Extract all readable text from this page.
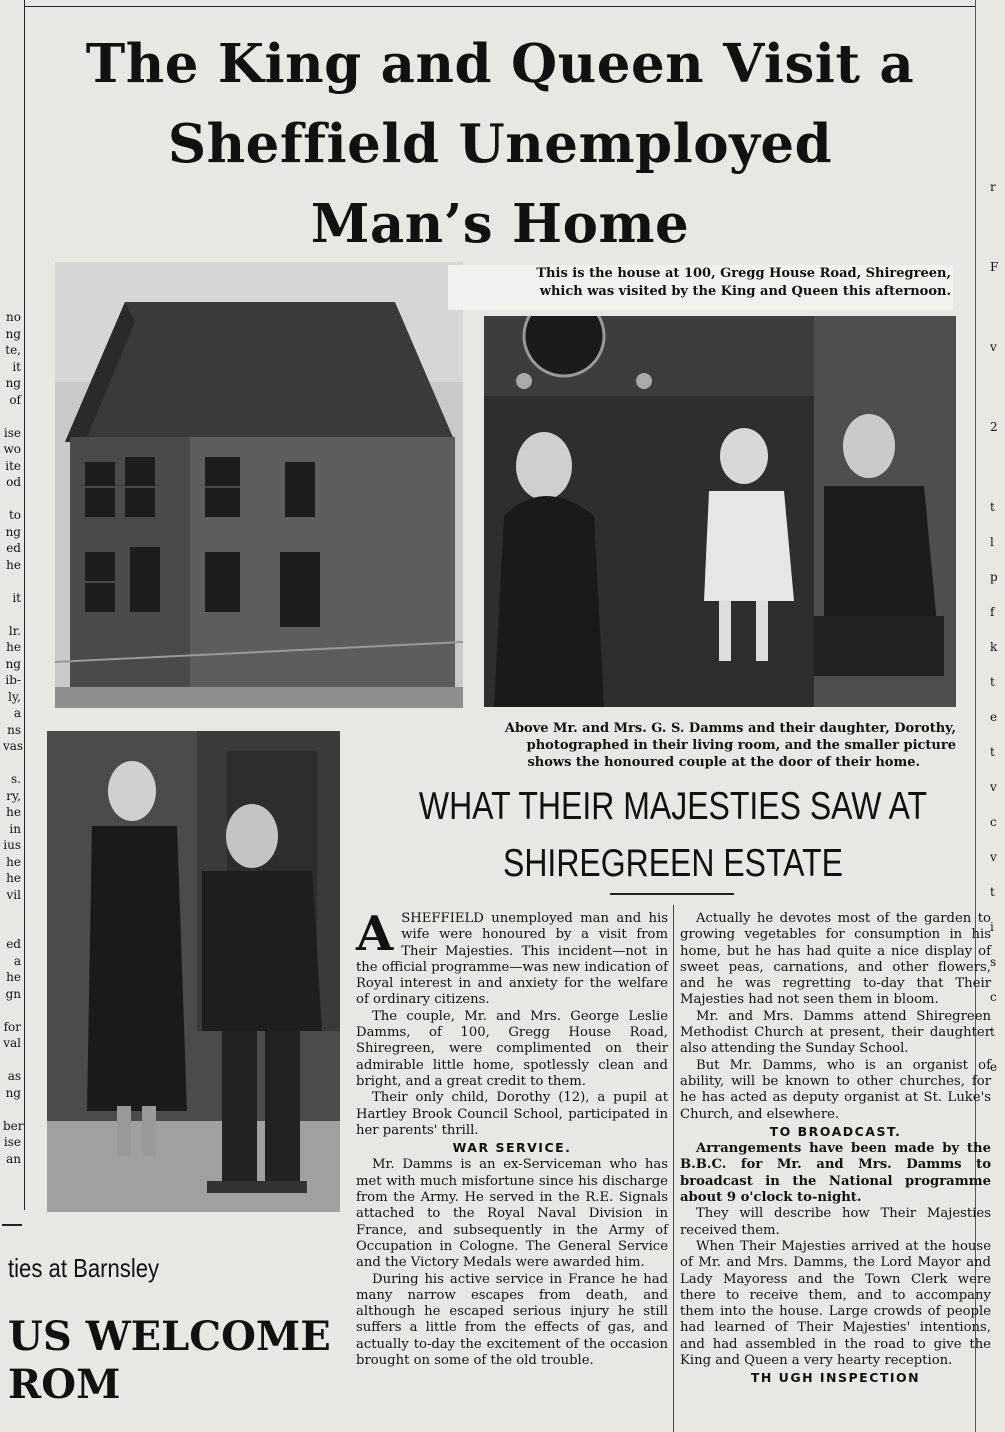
no
ng
te,
it
ng
of
ise
wo
ite
od
to
ng
ed
he
it
lr.
he
ng
ib-
ly,
a
ns
vas
s.
ry,
he
in
ius
he
he
vil
ed
a
he
gn
for
val
as
ng
ber
ise
an
r
F
v
2
t
l
p
f
k
t
e
t
v
c
v
t
i
s
c
t
e
The King and Queen Visit a
Sheffield Unemployed
Man’s Home
This is the house at 100, Gregg House Road, Shiregreen,
which was visited by the King and Queen this afternoon.
Above Mr. and Mrs. G. S. Damms and their daughter, Dorothy,
photographed in their living room, and the smaller picture
shows the honoured couple at the door of their home.
WHAT THEIR MAJESTIES SAW AT
SHIREGREEN ESTATE

ASHEFFIELD unemployed man and his wife were honoured by a visit from Their Majesties. This incident—not in the official programme—was new indication of Royal interest in and anxiety for the welfare of ordinary citizens.

The couple, Mr. and Mrs. George Leslie Damms, of 100, Gregg House Road, Shiregreen, were complimented on their admirable little home, spotlessly clean and bright, and a great credit to them.

Their only child, Dorothy (12), a pupil at Hartley Brook Council School, participated in her parents' thrill.

WAR SERVICE.

Mr. Damms is an ex-Serviceman who has met with much misfortune since his discharge from the Army. He served in the R.E. Signals attached to the Royal Naval Division in France, and subsequently in the Army of Occupation in Cologne. The General Service and the Victory Medals were awarded him.

During his active service in France he had many narrow escapes from death, and although he escaped serious injury he still suffers a little from the effects of gas, and actually to-day the excitement of the occasion brought on some of the old trouble.

Actually he devotes most of the garden to growing vegetables for consumption in his home, but he has had quite a nice display of sweet peas, carnations, and other flowers, and he was regretting to-day that Their Majesties had not seen them in bloom.

Mr. and Mrs. Damms attend Shiregreen Methodist Church at present, their daughter also attending the Sunday School.

But Mr. Damms, who is an organist of ability, will be known to other churches, for he has acted as deputy organist at St. Luke's Church, and elsewhere.

TO BROADCAST.

Arrangements have been made by the B.B.C. for Mr. and Mrs. Damms to broadcast in the National programme about 9 o'clock to-night.

They will describe how Their Majesties received them.

When Their Majesties arrived at the house of Mr. and Mrs. Damms, the Lord Mayor and Lady Mayoress and the Town Clerk were there to receive them, and to accompany them into the house. Large crowds of people had learned of Their Majesties' intentions, and had assembled in the road to give the King and Queen a very hearty reception.

TH UGH INSPECTION
ties at Barnsley
US WELCOME
ROM
